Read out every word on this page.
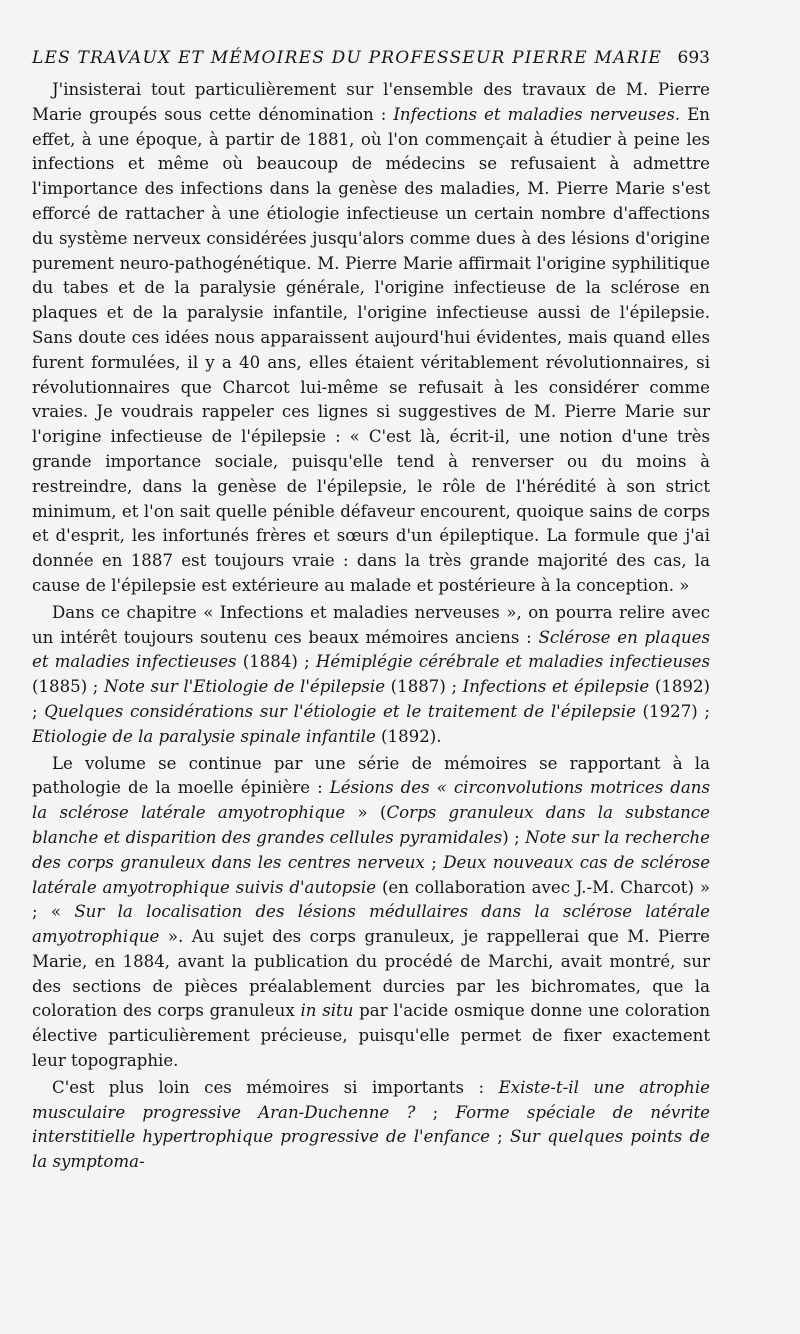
LES TRAVAUX ET MÉMOIRES DU PROFESSEUR PIERRE MARIE 693

J'insisterai tout particulièrement sur l'ensemble des travaux de M. Pierre Marie groupés sous cette dénomination : Infections et maladies nerveuses. En effet, à une époque, à partir de 1881, où l'on commençait à étudier à peine les infections et même où beaucoup de médecins se refusaient à admettre l'importance des infections dans la genèse des maladies, M. Pierre Marie s'est efforcé de rattacher à une étiologie infectieuse un certain nombre d'affections du système nerveux considérées jusqu'alors comme dues à des lésions d'origine purement neuro-pathogénétique. M. Pierre Marie affirmait l'origine syphilitique du tabes et de la paralysie générale, l'origine infectieuse de la sclérose en plaques et de la paralysie infantile, l'origine infectieuse aussi de l'épilepsie. Sans doute ces idées nous apparaissent aujourd'hui évidentes, mais quand elles furent formulées, il y a 40 ans, elles étaient véritablement révolutionnaires, si révolutionnaires que Charcot lui-même se refusait à les considérer comme vraies. Je voudrais rappeler ces lignes si suggestives de M. Pierre Marie sur l'origine infectieuse de l'épilepsie : « C'est là, écrit-il, une notion d'une très grande importance sociale, puisqu'elle tend à renverser ou du moins à restreindre, dans la genèse de l'épilepsie, le rôle de l'hérédité à son strict minimum, et l'on sait quelle pénible défaveur encourent, quoique sains de corps et d'esprit, les infortunés frères et sœurs d'un épileptique. La formule que j'ai donnée en 1887 est toujours vraie : dans la très grande majorité des cas, la cause de l'épilepsie est extérieure au malade et postérieure à la conception. »

Dans ce chapitre « Infections et maladies nerveuses », on pourra relire avec un intérêt toujours soutenu ces beaux mémoires anciens : Sclérose en plaques et maladies infectieuses (1884) ; Hémiplégie cérébrale et maladies infectieuses (1885) ; Note sur l'Etiologie de l'épilepsie (1887) ; Infections et épilepsie (1892) ; Quelques considérations sur l'étiologie et le traitement de l'épilepsie (1927) ; Etiologie de la paralysie spinale infantile (1892).

Le volume se continue par une série de mémoires se rapportant à la pathologie de la moelle épinière : Lésions des « circonvolutions motrices dans la sclérose latérale amyotrophique » (Corps granuleux dans la substance blanche et disparition des grandes cellules pyramidales) ; Note sur la recherche des corps granuleux dans les centres nerveux ; Deux nouveaux cas de sclérose latérale amyotrophique suivis d'autopsie (en collaboration avec J.-M. Charcot) » ; « Sur la localisation des lésions médullaires dans la sclérose latérale amyotrophique ». Au sujet des corps granuleux, je rappellerai que M. Pierre Marie, en 1884, avant la publication du procédé de Marchi, avait montré, sur des sections de pièces préalablement durcies par les bichromates, que la coloration des corps granuleux in situ par l'acide osmique donne une coloration élective particulièrement précieuse, puisqu'elle permet de fixer exactement leur topographie.

C'est plus loin ces mémoires si importants : Existe-t-il une atrophie musculaire progressive Aran-Duchenne ? ; Forme spéciale de névrite interstitielle hypertrophique progressive de l'enfance ; Sur quelques points de la symptoma-
